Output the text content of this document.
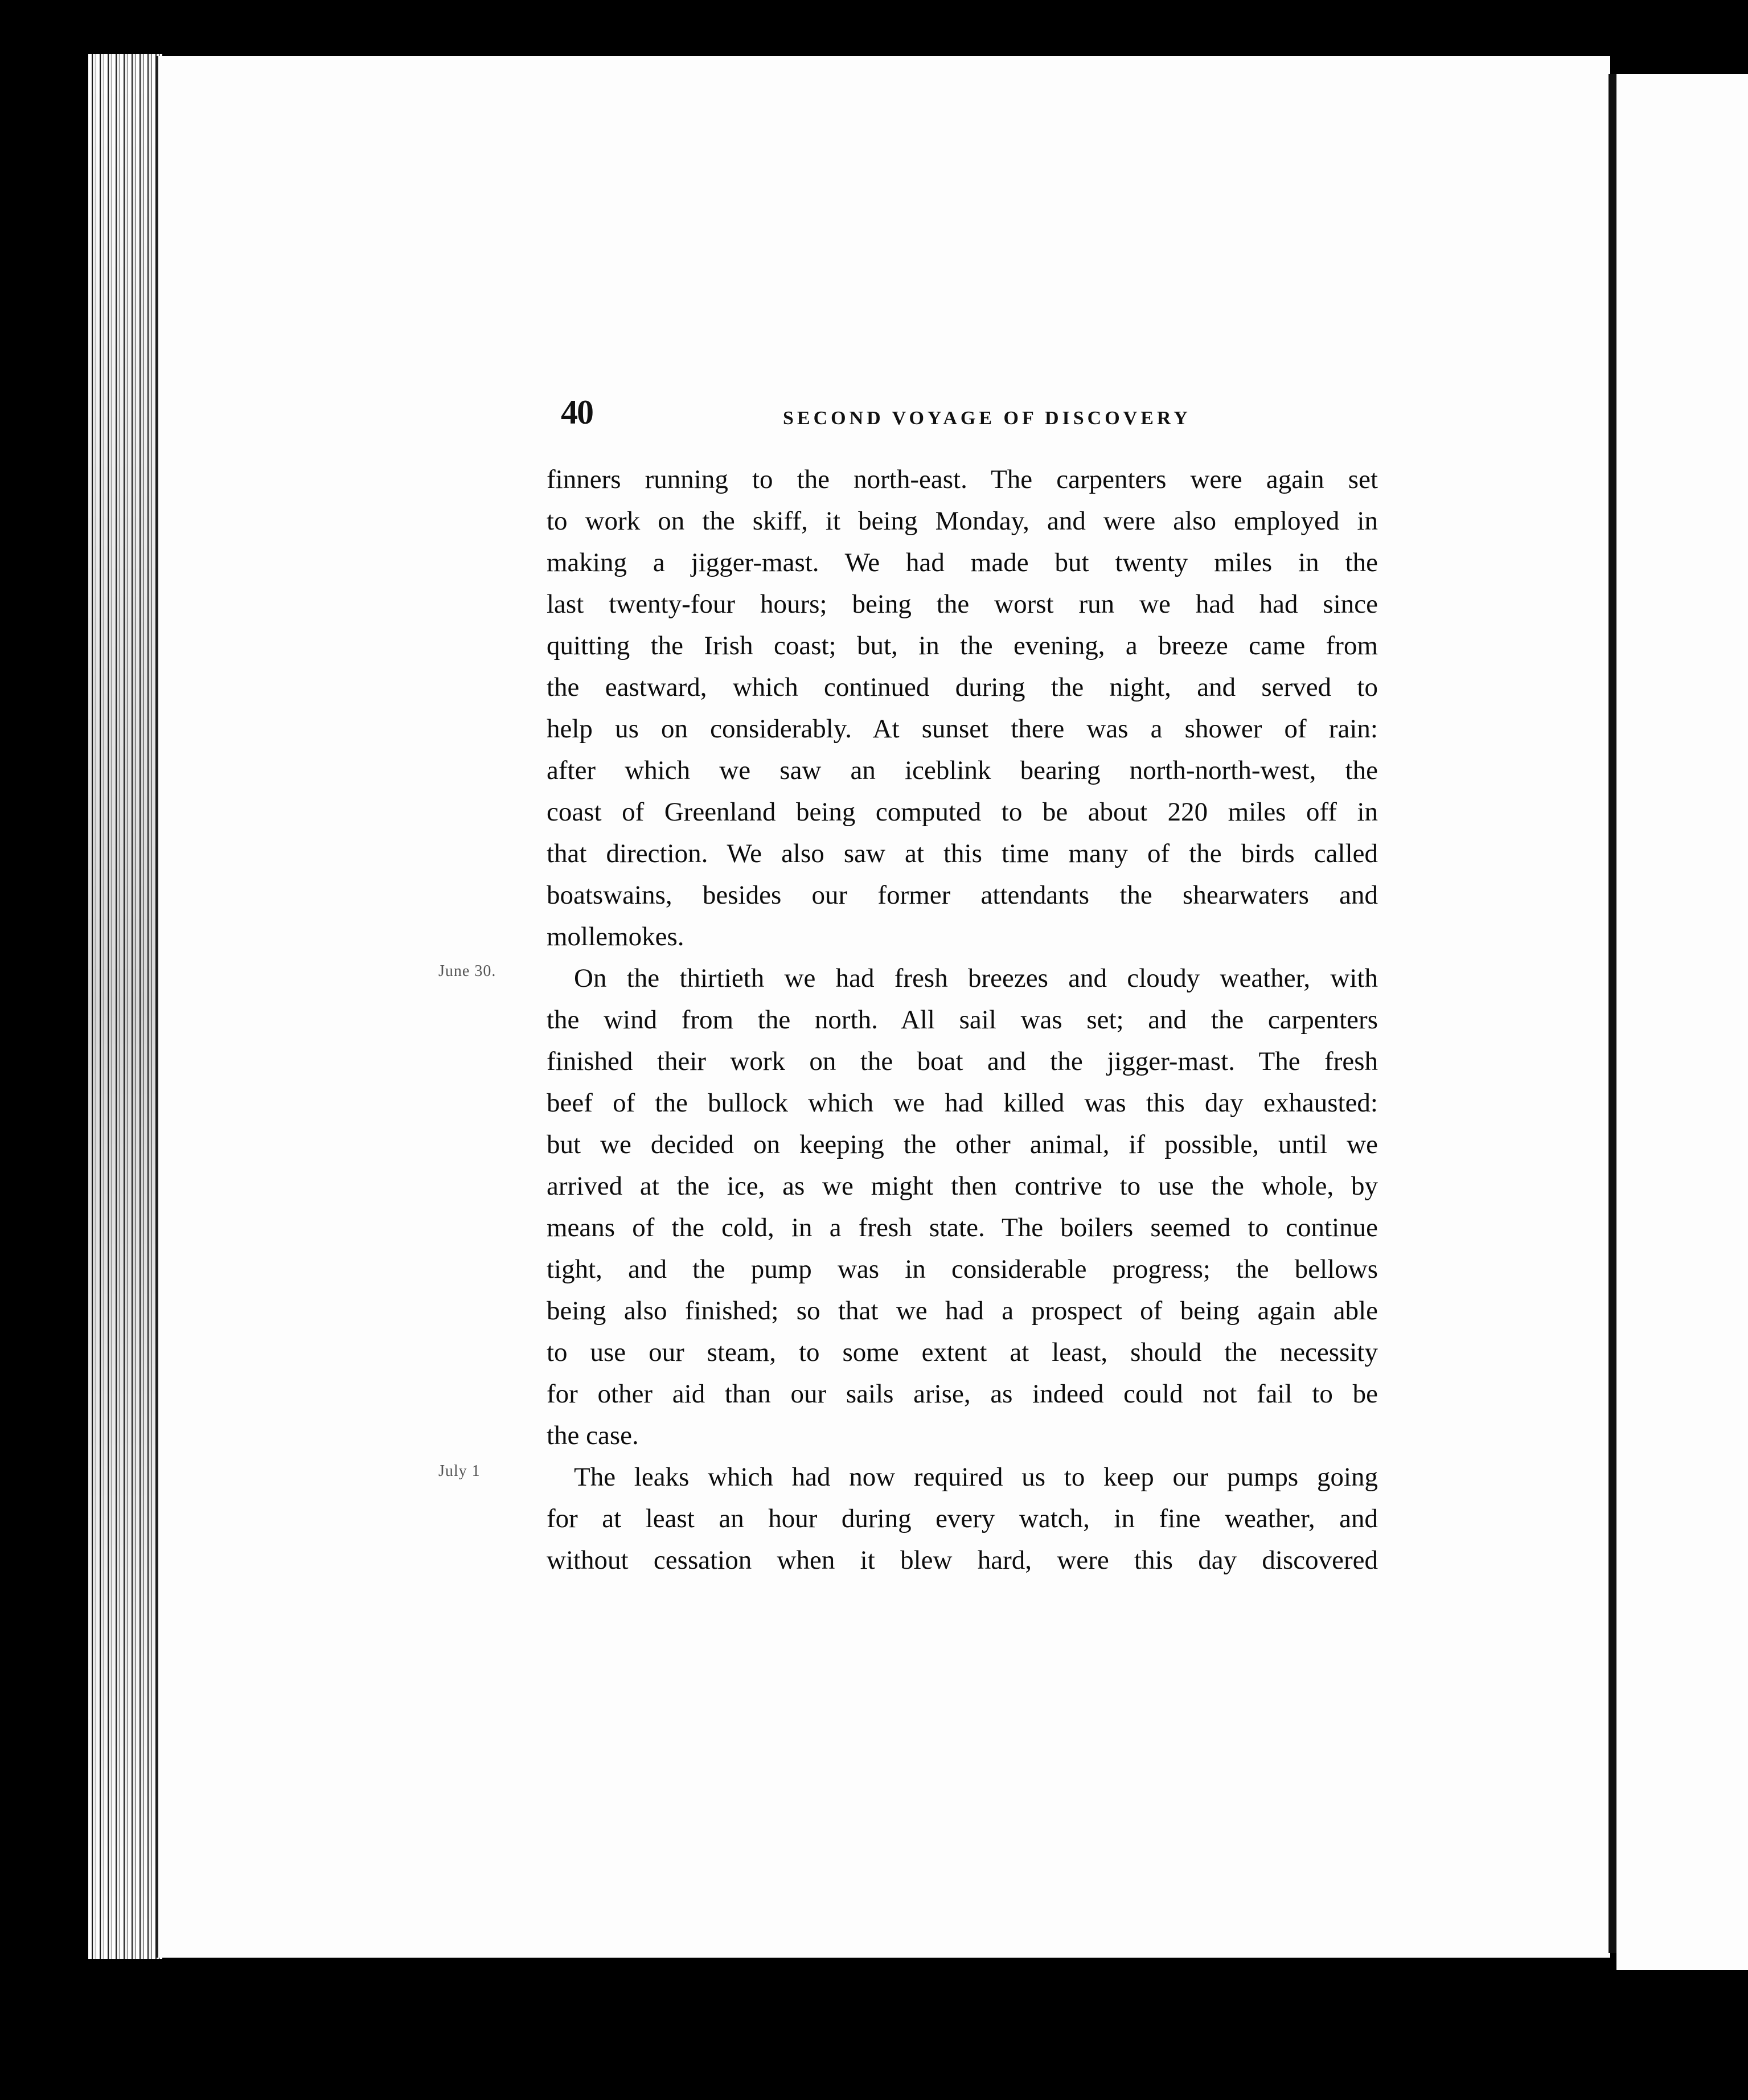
40	SECOND VOYAGE OF DISCOVERY
June 30.
July 1
finners running to the north-east. The carpenters were again set
to work on the skiff, it being Monday, and were also employed in
making a jigger-mast. We had made but twenty miles in the
last twenty-four hours; being the worst run we had had since
quitting the Irish coast; but, in the evening, a breeze came from
the eastward, which continued during the night, and served to
help us on considerably. At sunset there was a shower of rain:
after which we saw an iceblink bearing north-north-west, the
coast of Greenland being computed to be about 220 miles off in
that direction. We also saw at this time many of the birds called
boatswains, besides our former attendants the shearwaters and
mollemokes.
On the thirtieth we had fresh breezes and cloudy weather, with
the wind from the north. All sail was set; and the carpenters
finished their work on the boat and the jigger-mast. The fresh
beef of the bullock which we had killed was this day exhausted:
but we decided on keeping the other animal, if possible, until we
arrived at the ice, as we might then contrive to use the whole, by
means of the cold, in a fresh state. The boilers seemed to continue
tight, and the pump was in considerable progress; the bellows
being also finished; so that we had a prospect of being again able
to use our steam, to some extent at least, should the necessity
for other aid than our sails arise, as indeed could not fail to be
the case.
The leaks which had now required us to keep our pumps going
for at least an hour during every watch, in fine weather, and
without cessation when it blew hard, were this day discovered
